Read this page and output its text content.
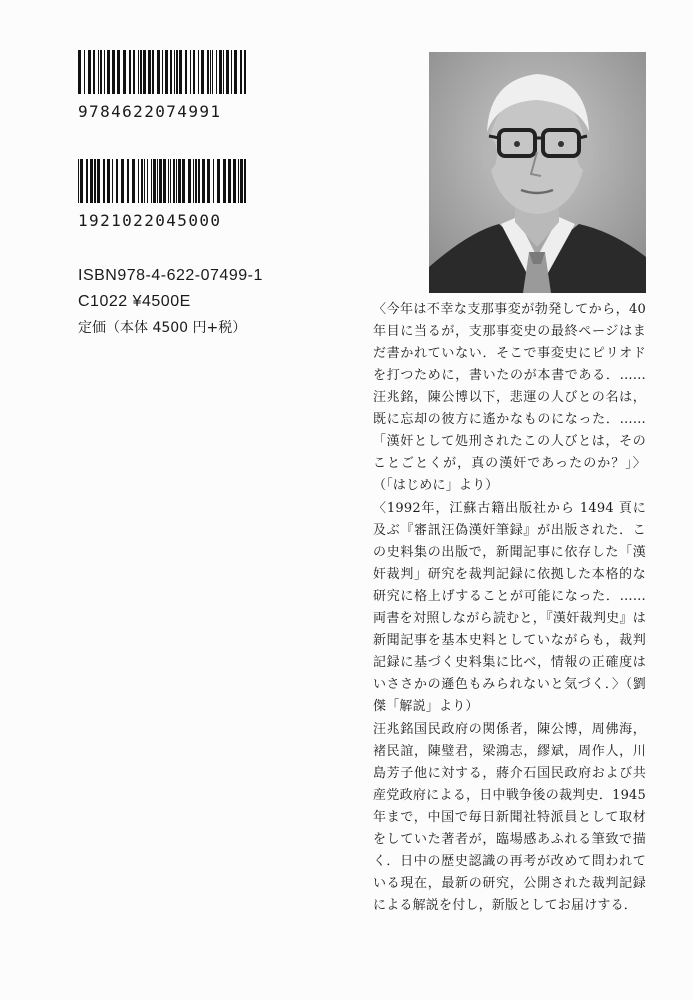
9784622074991
1921022045000
ISBN978-4-622-07499-1
C1022 ¥4500E
定価（本体 4500 円+税）

〈今年は不幸な支那事変が勃発してから，40年目に当るが，支那事変史の最終ページはまだ書かれていない．そこで事変史にピリオドを打つために，書いたのが本書である．……汪兆銘，陳公博以下，悲運の人びとの名は，既に忘却の彼方に遙かなものになった．……「漢奸として処刑されたこの人びとは，そのことごとくが，真の漢奸であったのか？」〉（「はじめに」より）

〈1992年，江蘇古籍出版社から 1494 頁に及ぶ『審訊汪偽漢奸筆録』が出版された．この史料集の出版で，新聞記事に依存した「漢奸裁判」研究を裁判記録に依拠した本格的な研究に格上げすることが可能になった．……両書を対照しながら読むと，『漢奸裁判史』は新聞記事を基本史料としていながらも，裁判記録に基づく史料集に比べ，情報の正確度はいささかの遜色もみられないと気づく．〉（劉傑「解説」より）

汪兆銘国民政府の関係者，陳公博，周佛海，褚民誼，陳璧君，梁鴻志，繆斌，周作人，川島芳子他に対する，蔣介石国民政府および共産党政府による，日中戦争後の裁判史．1945年まで，中国で毎日新聞社特派員として取材をしていた著者が，臨場感あふれる筆致で描く．日中の歴史認識の再考が改めて問われている現在，最新の研究，公開された裁判記録による解説を付し，新版としてお届けする．
